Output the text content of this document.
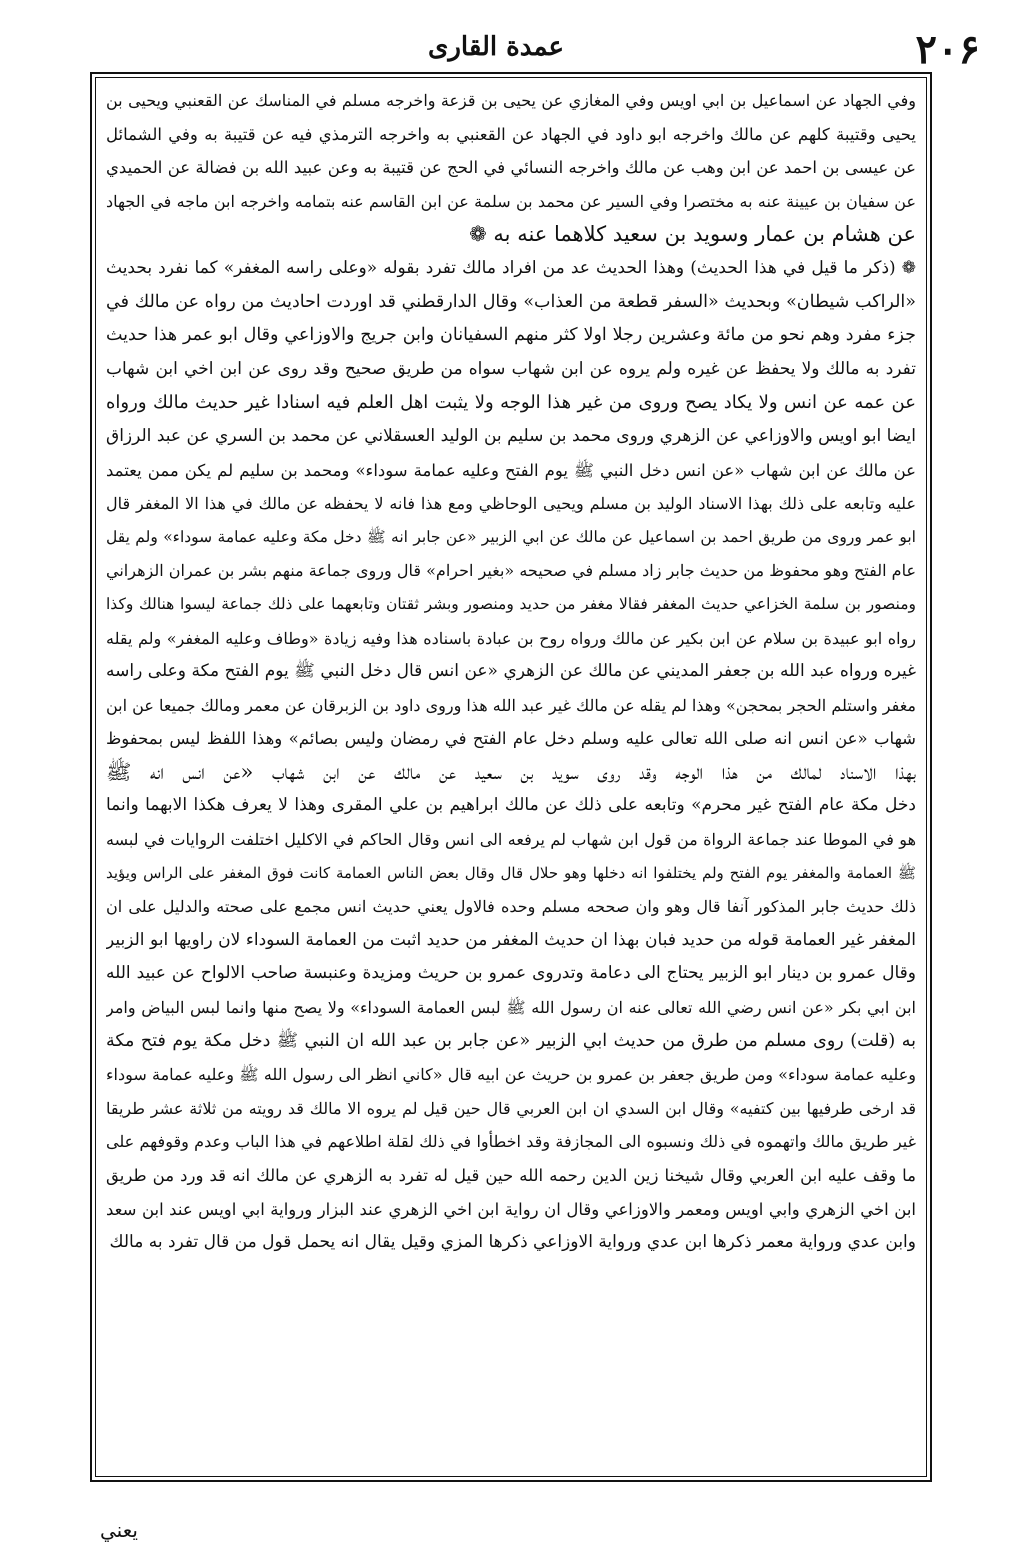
عمدة القاری	۲۰۶
وفي الجهاد عن اسماعيل بن ابي اويس وفي المغازي عن يحيى بن قزعة واخرجه مسلم في المناسك عن القعنبي ويحيى بن
يحيى وقتيبة كلهم عن مالك واخرجه ابو داود في الجهاد عن القعنبي به واخرجه الترمذي فيه عن قتيبة به وفي الشمائل
عن عيسى بن احمد عن ابن وهب عن مالك واخرجه النسائي في الحج عن قتيبة به وعن عبيد الله بن فضالة عن الحميدي
عن سفيان بن عيينة عنه به مختصرا وفي السير عن محمد بن سلمة عن ابن القاسم عنه بتمامه واخرجه ابن ماجه في الجهاد
عن هشام بن عمار وسويد بن سعيد كلاهما عنه به ❁
❁ (ذكر ما قيل في هذا الحديث) وهذا الحديث عد من افراد مالك تفرد بقوله «وعلى راسه المغفر» كما نفرد بحديث
«الراكب شيطان» وبحديث «السفر قطعة من العذاب» وقال الدارقطني قد اوردت احاديث من رواه عن مالك في
جزء مفرد وهم نحو من مائة وعشرين رجلا اولا كثر منهم السفيانان وابن جريج والاوزاعي وقال ابو عمر هذا حديث
تفرد به مالك ولا يحفظ عن غيره ولم يروه عن ابن شهاب سواه من طريق صحيح وقد روى عن ابن اخي ابن شهاب
عن عمه عن انس ولا يكاد يصح وروى من غير هذا الوجه ولا يثبت اهل العلم فيه اسنادا غير حديث مالك ورواه
ايضا ابو اويس والاوزاعي عن الزهري وروى محمد بن سليم بن الوليد العسقلاني عن محمد بن السري عن عبد الرزاق
عن مالك عن ابن شهاب «عن انس دخل النبي ﷺ يوم الفتح وعليه عمامة سوداء» ومحمد بن سليم لم يكن ممن يعتمد
عليه وتابعه على ذلك بهذا الاسناد الوليد بن مسلم ويحيى الوحاظي ومع هذا فانه لا يحفظه عن مالك في هذا الا المغفر قال
ابو عمر وروى من طريق احمد بن اسماعيل عن مالك عن ابي الزبير «عن جابر انه ﷺ دخل مكة وعليه عمامة سوداء» ولم يقل
عام الفتح وهو محفوظ من حديث جابر زاد مسلم في صحيحه «بغير احرام» قال وروى جماعة منهم بشر بن عمران الزهراني
ومنصور بن سلمة الخزاعي حديث المغفر فقالا مغفر من حديد ومنصور وبشر ثقتان وتابعهما على ذلك جماعة ليسوا هنالك وكذا
رواه ابو عبيدة بن سلام عن ابن بكير عن مالك ورواه روح بن عبادة باسناده هذا وفيه زيادة «وطاف وعليه المغفر» ولم يقله
غيره ورواه عبد الله بن جعفر المديني عن مالك عن الزهري «عن انس قال دخل النبي ﷺ يوم الفتح مكة وعلى راسه
مغفر واستلم الحجر بمحجن» وهذا لم يقله عن مالك غير عبد الله هذا وروى داود بن الزبرقان عن معمر ومالك جميعا عن ابن
شهاب «عن انس انه صلى الله تعالى عليه وسلم دخل عام الفتح في رمضان وليس بصائم» وهذا اللفظ ليس بمحفوظ
بهذا الاسناد لمالك من هذا الوجه وقد روى سويد بن سعيد عن مالك عن ابن شهاب «عن انس انه ﷺ
دخل مكة عام الفتح غير محرم» وتابعه على ذلك عن مالك ابراهيم بن علي المقرى وهذا لا يعرف هكذا الابهما وانما
هو في الموطا عند جماعة الرواة من قول ابن شهاب لم يرفعه الى انس وقال الحاكم في الاكليل اختلفت الروايات في لبسه
ﷺ العمامة والمغفر يوم الفتح ولم يختلفوا انه دخلها وهو حلال قال وقال بعض الناس العمامة كانت فوق المغفر على الراس ويؤيد
ذلك حديث جابر المذكور آنفا قال وهو وان صححه مسلم وحده فالاول يعني حديث انس مجمع على صحته والدليل على ان
المغفر غير العمامة قوله من حديد فبان بهذا ان حديث المغفر من حديد اثبت من العمامة السوداء لان راويها ابو الزبير
وقال عمرو بن دينار ابو الزبير يحتاج الى دعامة وتدروى عمرو بن حريث ومزيدة وعنبسة صاحب الالواح عن عبيد الله
ابن ابي بكر «عن انس رضي الله تعالى عنه ان رسول الله ﷺ لبس العمامة السوداء» ولا يصح منها وانما لبس البياض وامر
به (قلت) روى مسلم من طرق من حديث ابي الزبير «عن جابر بن عبد الله ان النبي ﷺ دخل مكة يوم فتح مكة
وعليه عمامة سوداء» ومن طريق جعفر بن عمرو بن حريث عن ابيه قال «كاني انظر الى رسول الله ﷺ وعليه عمامة سوداء
قد ارخى طرفيها بين كتفيه» وقال ابن السدي ان ابن العربي قال حين قيل لم يروه الا مالك قد رويته من ثلاثة عشر طريقا
غير طريق مالك واتهموه في ذلك ونسبوه الى المجازفة وقد اخطأوا في ذلك لقلة اطلاعهم في هذا الباب وعدم وقوفهم على
ما وقف عليه ابن العربي وقال شيخنا زين الدين رحمه الله حين قيل له تفرد به الزهري عن مالك انه قد ورد من طريق
ابن اخي الزهري وابي اويس ومعمر والاوزاعي وقال ان رواية ابن اخي الزهري عند البزار ورواية ابي اويس عند ابن سعد
وابن عدي ورواية معمر ذكرها ابن عدي ورواية الاوزاعي ذكرها المزي وقيل يقال انه يحمل قول من قال تفرد به مالك
يعني
